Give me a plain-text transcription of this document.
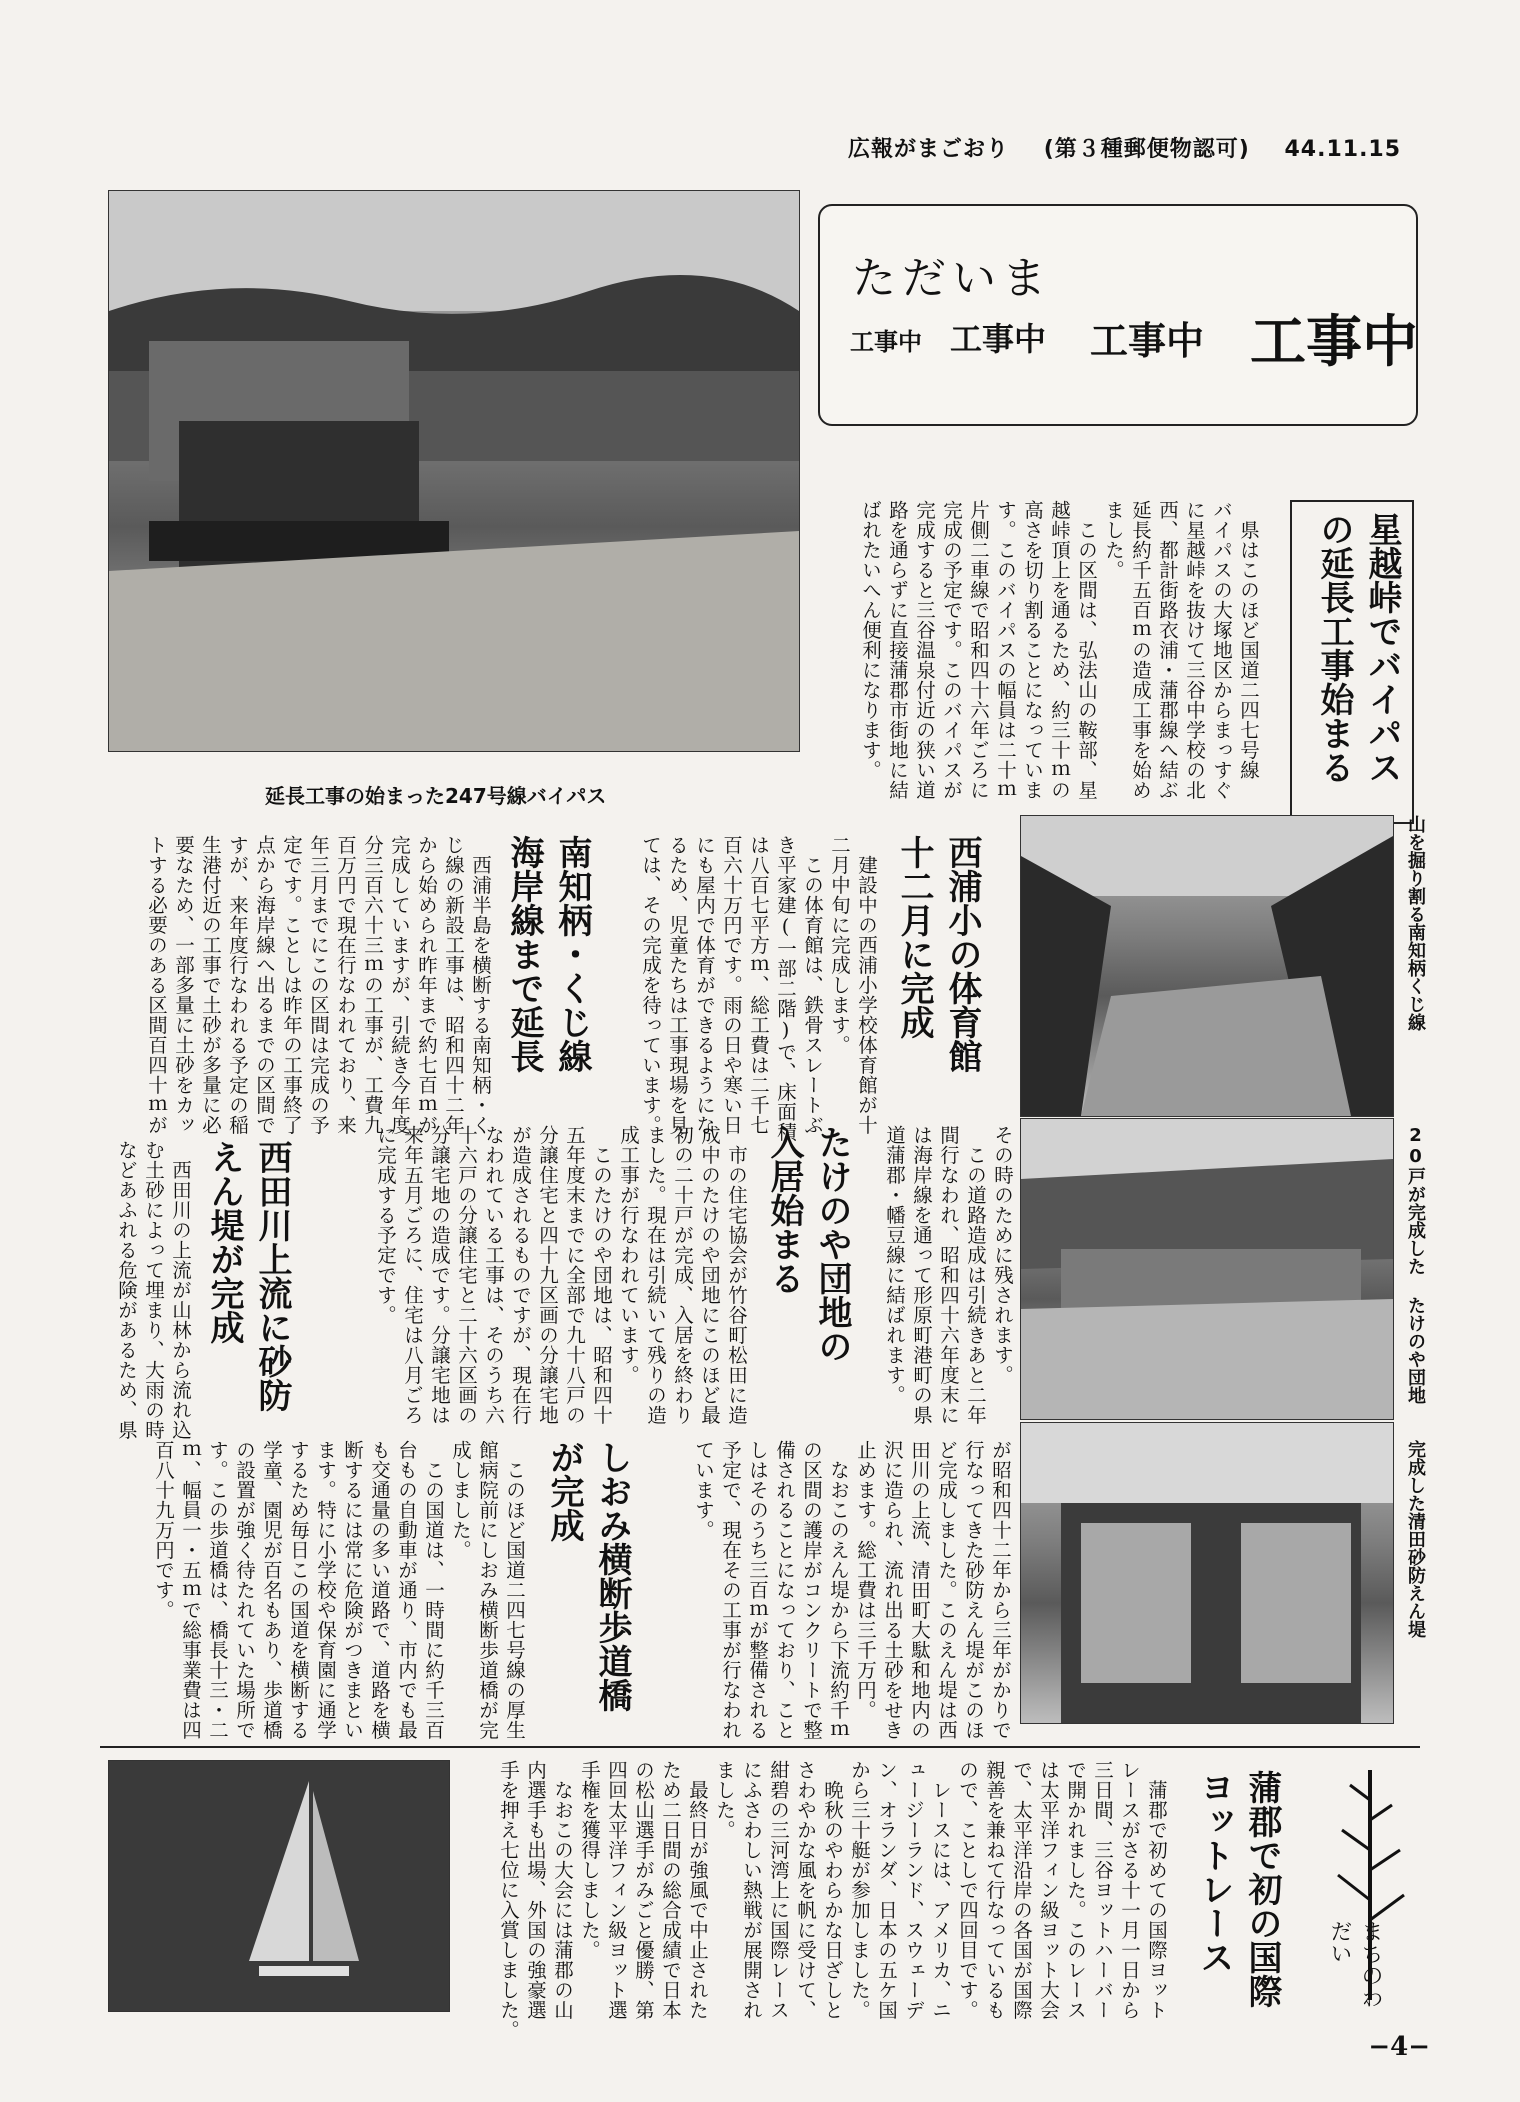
広報がまごおり (第３種郵便物認可) 44.11.15
延長工事の始まった247号線バイパス
ただいま
工事中 工事中 工事中 工事中
星越峠でバイパス
の延長工事始まる
　県はこのほど国道二四七号線
バイパスの大塚地区からまっすぐ
に星越峠を抜けて三谷中学校の北
西、都計街路衣浦・蒲郡線へ結ぶ
延長約千五百ｍの造成工事を始め
ました。
　この区間は、弘法山の鞍部、星
越峠頂上を通るため、約三十ｍの
高さを切り割ることになっていま
す。このバイパスの幅員は二十ｍ
片側二車線で昭和四十六年ごろに
完成の予定です。このバイパスが
完成すると三谷温泉付近の狭い道
路を通らずに直接蒲郡市街地に結
ばれたいへん便利になります。
山を掘り割る南知柄くじ線
20戸が完成した たけのや団地
完成した清田砂防えん堤
西浦小の体育館
十二月に完成
　建設中の西浦小学校体育館が十
二月中旬に完成します。
　この体育館は、鉄骨スレートぶ
き平家建(一部二階)で、床面積
は八百七平方ｍ、総工費は二千七
百六十万円です。雨の日や寒い日
にも屋内で体育ができるようにな
るため、児童たちは工事現場を見
ては、その完成を待っています。
南知柄・くじ線
海岸線まで延長
　西浦半島を横断する南知柄・く
じ線の新設工事は、昭和四十二年
から始められ昨年まで約七百ｍが
完成していますが、引続き今年度
分三百六十三ｍの工事が、工費九
百万円で現在行なわれており、来
年三月までにこの区間は完成の予
定です。ことしは昨年の工事終了
点から海岸線へ出るまでの区間で
すが、来年度行なわれる予定の稲
生港付近の工事で土砂が多量に必
要なため、一部多量に土砂をカッ
トする必要のある区間百四十ｍが
その時のために残されます。
　この道路造成は引続きあと二年
間行なわれ、昭和四十六年度末に
は海岸線を通って形原町港町の県
道蒲郡・幡豆線に結ばれます。
たけのや団地の
入居始まる
　市の住宅協会が竹谷町松田に造
成中のたけのや団地にこのほど最
初の二十戸が完成、入居を終わり
ました。現在は引続いて残りの造
成工事が行なわれています。
　このたけのや団地は、昭和四十
五年度末までに全部で九十八戸の
分譲住宅と四十九区画の分譲宅地
が造成されるものですが、現在行
なわれている工事は、そのうち六
十六戸の分譲住宅と二十六区画の
分譲宅地の造成です。分譲宅地は
来年五月ごろに、住宅は八月ごろ
に完成する予定です。
西田川上流に砂防
えん堤が完成
　西田川の上流が山林から流れ込
む土砂によって埋まり、大雨の時
などあふれる危険があるため、県
が昭和四十二年から三年がかりで
行なってきた砂防えん堤がこのほ
ど完成しました。このえん堤は西
田川の上流、清田町大駄和地内の
沢に造られ、流れ出る土砂をせき
止めます。総工費は三千万円。
　なおこのえん堤から下流約千ｍ
の区間の護岸がコンクリートで整
備されることになっており、こと
しはそのうち三百ｍが整備される
予定で、現在その工事が行なわれ
ています。
しおみ横断歩道橋
が完成
　このほど国道二四七号線の厚生
館病院前にしおみ横断歩道橋が完
成しました。
　この国道は、一時間に約千三百
台もの自動車が通り、市内でも最
も交通量の多い道路で、道路を横
断するには常に危険がつきまとい
ます。特に小学校や保育園に通学
するため毎日この国道を横断する
学童、園児が百名もあり、歩道橋
の設置が強く待たれていた場所で
す。この歩道橋は、橋長十三・二
ｍ、幅員一・五ｍで総事業費は四
百八十九万円です。
　蒲郡で初めての国際ヨット
レースがさる十一月一日から
三日間、三谷ヨットハーバー
で開かれました。このレース
は太平洋フィン級ヨット大会
で、太平洋沿岸の各国が国際
親善を兼ねて行なっているも
ので、ことしで四回目です。
　レースには、アメリカ、ニ
ュージーランド、スウェーデ
ン、オランダ、日本の五ケ国
から三十艇が参加しました。
　晩秋のやわらかな日ざしと
さわやかな風を帆に受けて、
紺碧の三河湾上に国際レース
にふさわしい熱戦が展開され
ました。
　最終日が強風で中止された
ため二日間の総合成績で日本
の松山選手がみごと優勝、第
四回太平洋フィン級ヨット選
手権を獲得しました。
　なおこの大会には蒲郡の山
内選手も出場、外国の強豪選
手を押え七位に入賞しました。	蒲郡で初の国際
ヨットレース	まちのわだい
−4−
